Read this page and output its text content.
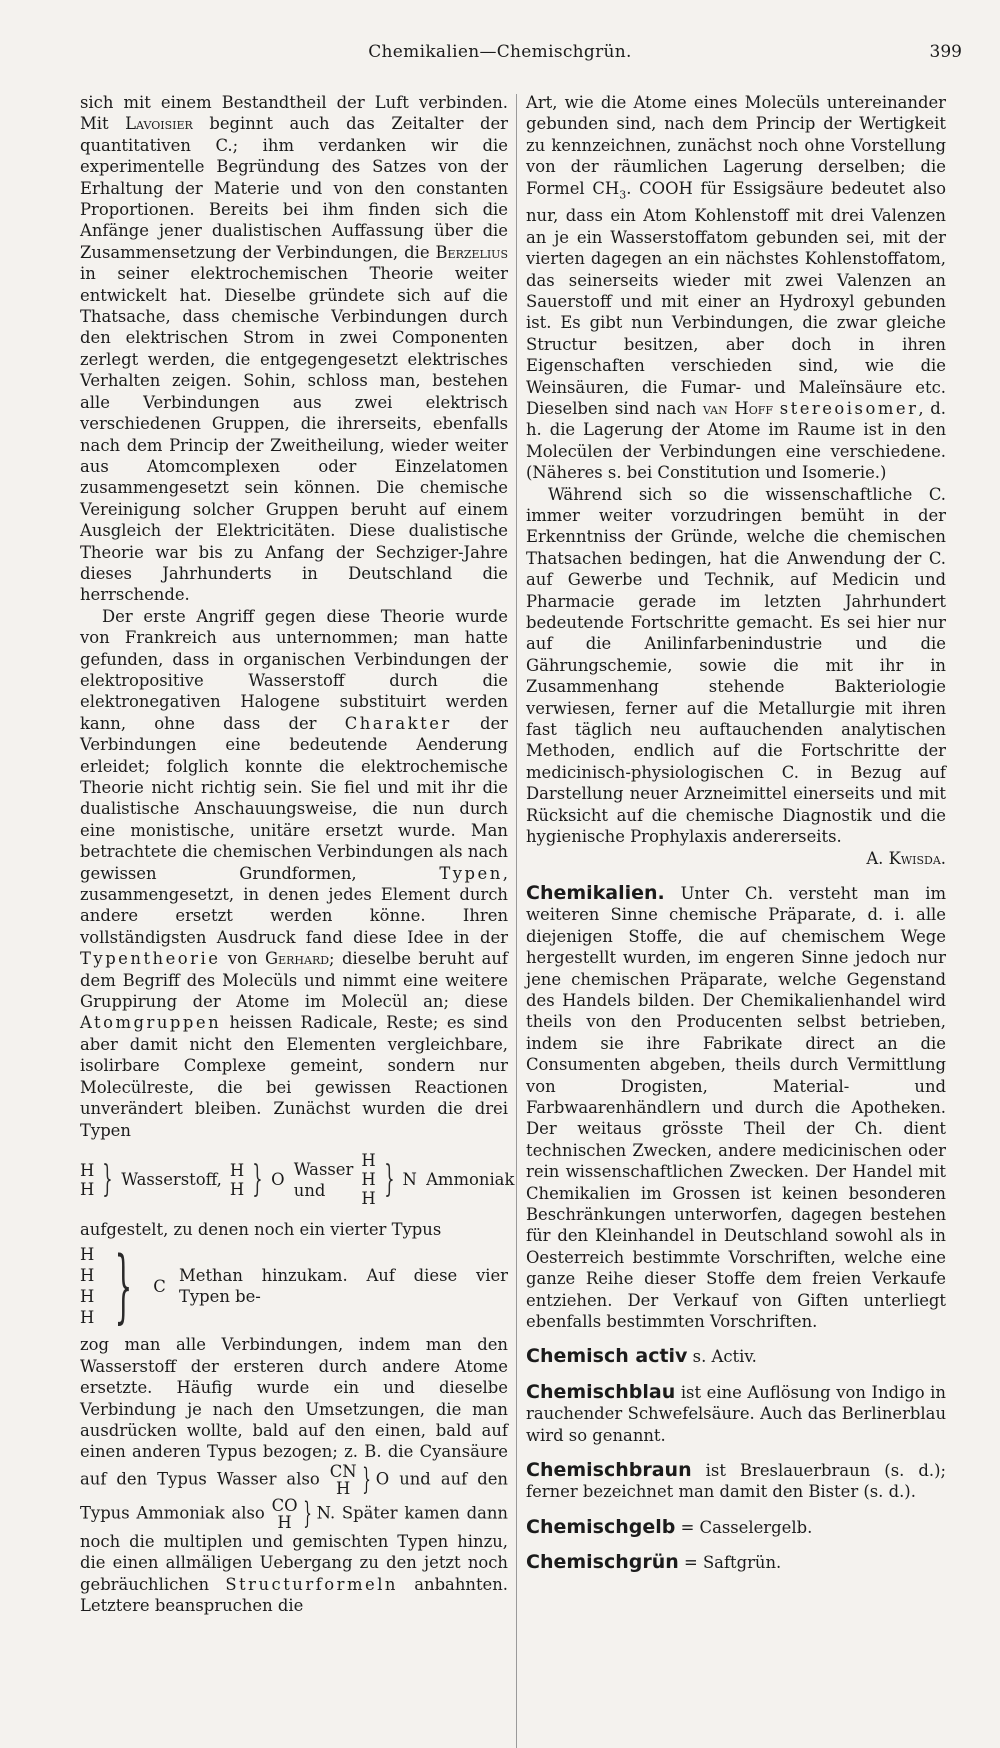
Chemikalien—Chemischgrün.	399

sich mit einem Bestandtheil der Luft verbinden. Mit Lavoisier beginnt auch das Zeitalter der quantitativen C.; ihm verdanken wir die experimentelle Begründung des Satzes von der Erhaltung der Materie und von den constanten Proportionen. Bereits bei ihm finden sich die Anfänge jener dualistischen Auffassung über die Zusammensetzung der Verbindungen, die Berzelius in seiner elektrochemischen Theorie weiter entwickelt hat. Dieselbe gründete sich auf die Thatsache, dass chemische Verbindungen durch den elektrischen Strom in zwei Componenten zerlegt werden, die entgegengesetzt elektrisches Verhalten zeigen. Sohin, schloss man, bestehen alle Verbindungen aus zwei elektrisch verschiedenen Gruppen, die ihrerseits, ebenfalls nach dem Princip der Zweitheilung, wieder weiter aus Atomcomplexen oder Einzelatomen zusammengesetzt sein können. Die chemische Vereinigung solcher Gruppen beruht auf einem Ausgleich der Elektricitäten. Diese dualistische Theorie war bis zu Anfang der Sechziger-Jahre dieses Jahrhunderts in Deutschland die herrschende.

Der erste Angriff gegen diese Theorie wurde von Frankreich aus unternommen; man hatte gefunden, dass in organischen Verbindungen der elektropositive Wasserstoff durch die elektronegativen Halogene substituirt werden kann, ohne dass der Charakter der Verbindungen eine bedeutende Aenderung erleidet; folglich konnte die elektrochemische Theorie nicht richtig sein. Sie fiel und mit ihr die dualistische Anschauungsweise, die nun durch eine monistische, unitäre ersetzt wurde. Man betrachtete die chemischen Verbindungen als nach gewissen Grundformen, Typen, zusammengesetzt, in denen jedes Element durch andere ersetzt werden könne. Ihren vollständigsten Ausdruck fand diese Idee in der Typentheorie von Gerhard; dieselbe beruht auf dem Begriff des Molecüls und nimmt eine weitere Gruppirung der Atome im Molecül an; diese Atomgruppen heissen Radicale, Reste; es sind aber damit nicht den Elementen vergleichbare, isolirbare Complexe gemeint, sondern nur Molecülreste, die bei gewissen Reactionen unverändert bleiben. Zunächst wurden die drei Typen

H
H } Wasserstoff, H
H } O

Wasser und
H
H
H } N
Ammoniak

aufgestelt, zu denen noch ein vierter Typus

H
H
H
H } C

Methan hinzukam. Auf diese vier Typen be-

zog man alle Verbindungen, indem man den Wasserstoff der ersteren durch andere Atome ersetzte. Häufig wurde ein und dieselbe Verbindung je nach den Umsetzungen, die man ausdrücken wollte, bald auf den einen, bald auf einen anderen Typus bezogen; z. B. die Cyansäure auf den Typus Wasser also CN
H } O und auf den Typus Ammoniak also CO
H } N. Später kamen dann noch die multiplen und gemischten Typen hinzu, die einen allmäligen Uebergang zu den jetzt noch gebräuchlichen Structurformeln anbahnten. Letztere beanspruchen die

Art, wie die Atome eines Molecüls untereinander gebunden sind, nach dem Princip der Wertigkeit zu kennzeichnen, zunächst noch ohne Vorstellung von der räumlichen Lagerung derselben; die Formel $CH_3$. COOH für Essigsäure bedeutet also nur, dass ein Atom Kohlenstoff mit drei Valenzen an je ein Wasserstoffatom gebunden sei, mit der vierten dagegen an ein nächstes Kohlenstoffatom, das seinerseits wieder mit zwei Valenzen an Sauerstoff und mit einer an Hydroxyl gebunden ist. Es gibt nun Verbindungen, die zwar gleiche Structur besitzen, aber doch in ihren Eigenschaften verschieden sind, wie die Weinsäuren, die Fumar- und Maleïnsäure etc. Dieselben sind nach van Hoff stereoisomer, d. h. die Lagerung der Atome im Raume ist in den Molecülen der Verbindungen eine verschiedene. (Näheres s. bei Constitution und Isomerie.)

Während sich so die wissenschaftliche C. immer weiter vorzudringen bemüht in der Erkenntniss der Gründe, welche die chemischen Thatsachen bedingen, hat die Anwendung der C. auf Gewerbe und Technik, auf Medicin und Pharmacie gerade im letzten Jahrhundert bedeutende Fortschritte gemacht. Es sei hier nur auf die Anilinfarbenindustrie und die Gährungschemie, sowie die mit ihr in Zusammenhang stehende Bakteriologie verwiesen, ferner auf die Metallurgie mit ihren fast täglich neu auftauchenden analytischen Methoden, endlich auf die Fortschritte der medicinisch-physiologischen C. in Bezug auf Darstellung neuer Arzneimittel einerseits und mit Rücksicht auf die chemische Diagnostik und die hygienische Prophylaxis andererseits.

A. Kwisda.

Chemikalien. Unter Ch. versteht man im weiteren Sinne chemische Präparate, d. i. alle diejenigen Stoffe, die auf chemischem Wege hergestellt wurden, im engeren Sinne jedoch nur jene chemischen Präparate, welche Gegenstand des Handels bilden. Der Chemikalienhandel wird theils von den Producenten selbst betrieben, indem sie ihre Fabrikate direct an die Consumenten abgeben, theils durch Vermittlung von Drogisten, Material- und Farbwaarenhändlern und durch die Apotheken. Der weitaus grösste Theil der Ch. dient technischen Zwecken, andere medicinischen oder rein wissenschaftlichen Zwecken. Der Handel mit Chemikalien im Grossen ist keinen besonderen Beschränkungen unterworfen, dagegen bestehen für den Kleinhandel in Deutschland sowohl als in Oesterreich bestimmte Vorschriften, welche eine ganze Reihe dieser Stoffe dem freien Verkaufe entziehen. Der Verkauf von Giften unterliegt ebenfalls bestimmten Vorschriften.
Chemisch activ s. Activ.
Chemischblau ist eine Auflösung von Indigo in rauchender Schwefelsäure. Auch das Berlinerblau wird so genannt.
Chemischbraun ist Breslauerbraun (s. d.); ferner bezeichnet man damit den Bister (s. d.).
Chemischgelb = Casselergelb.
Chemischgrün = Saftgrün.
